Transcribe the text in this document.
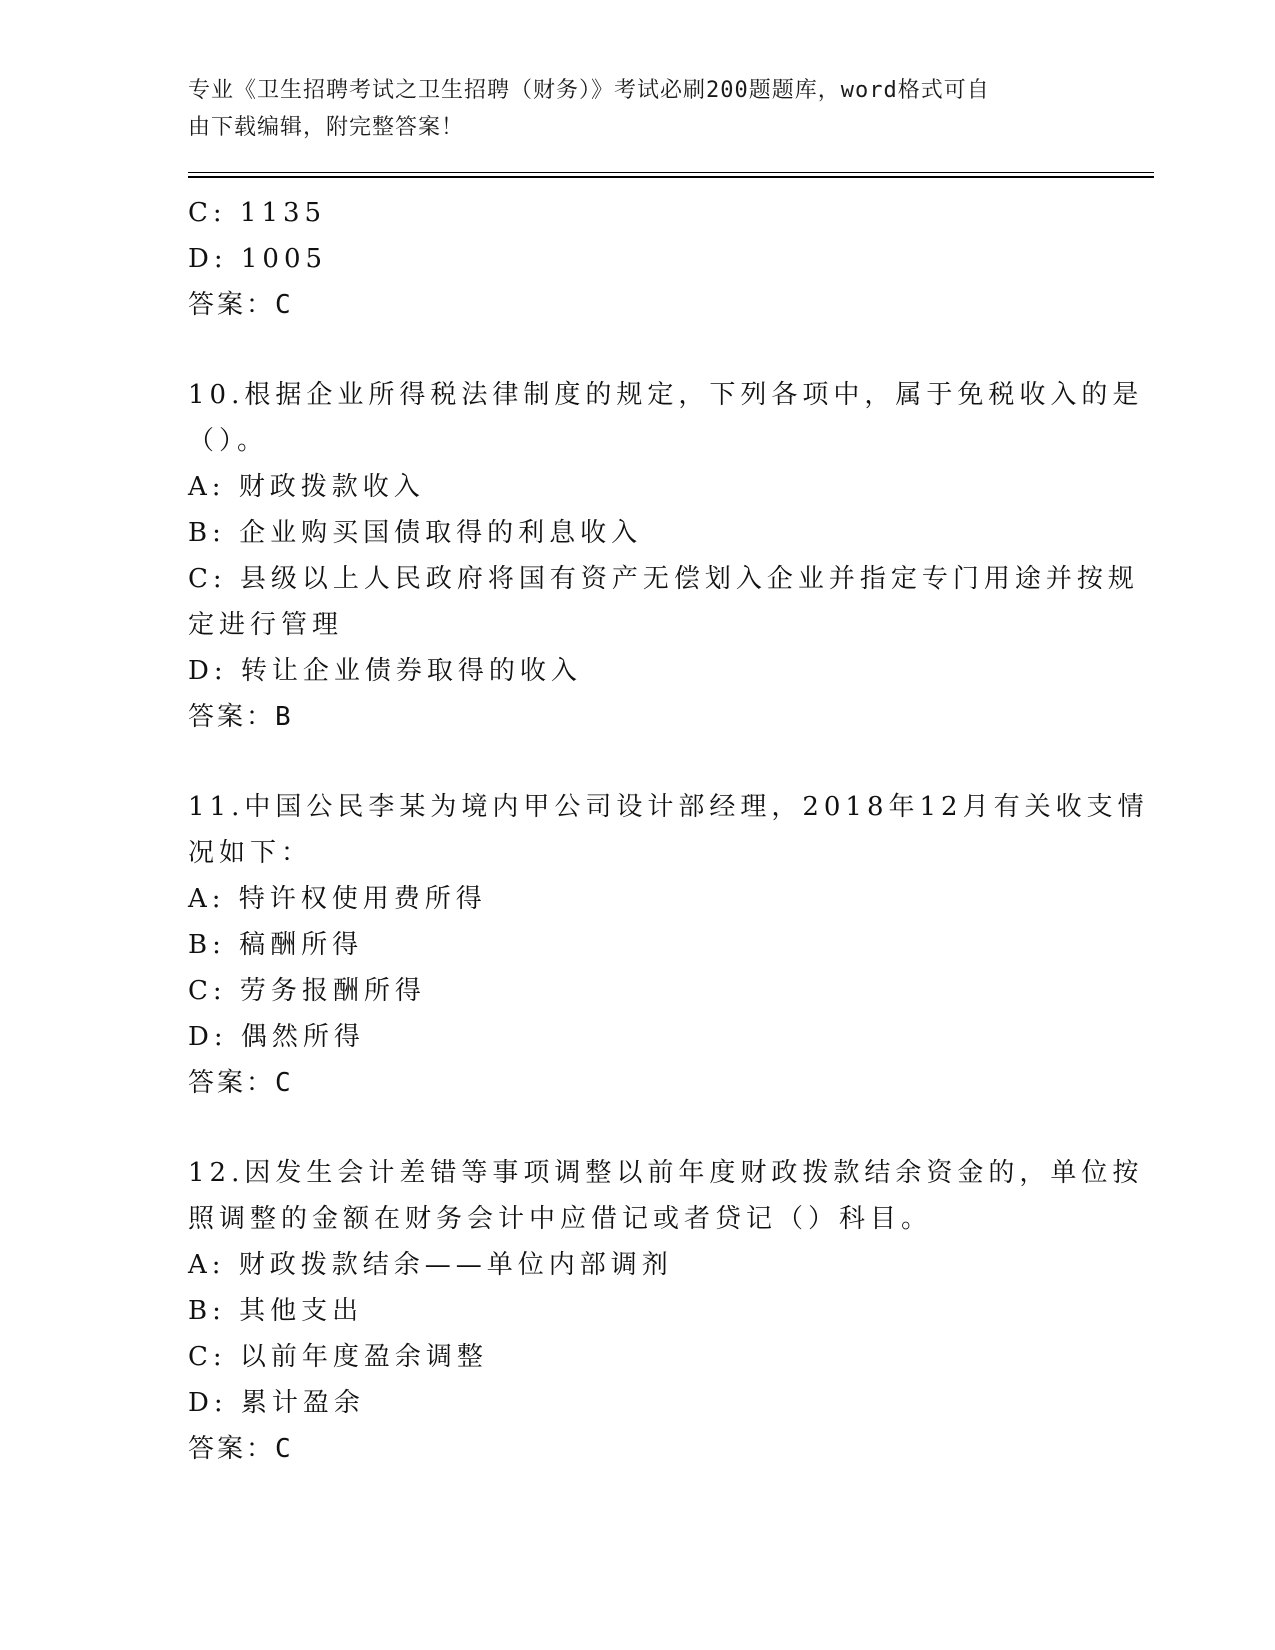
专业《卫生招聘考试之卫生招聘（财务）》考试必刷200题题库，word格式可自
由下载编辑，附完整答案！
C: 1135
D: 1005
答案：C
10.根据企业所得税法律制度的规定，下列各项中，属于免税收入的是
（）。
A: 财政拨款收入
B: 企业购买国债取得的利息收入
C: 县级以上人民政府将国有资产无偿划入企业并指定专门用途并按规
定进行管理
D: 转让企业债券取得的收入
答案：B
11.中国公民李某为境内甲公司设计部经理，2018年12月有关收支情
况如下：
A: 特许权使用费所得
B: 稿酬所得
C: 劳务报酬所得
D: 偶然所得
答案：C
12.因发生会计差错等事项调整以前年度财政拨款结余资金的，单位按
照调整的金额在财务会计中应借记或者贷记（）科目。
A: 财政拨款结余——单位内部调剂
B: 其他支出
C: 以前年度盈余调整
D: 累计盈余
答案：C
